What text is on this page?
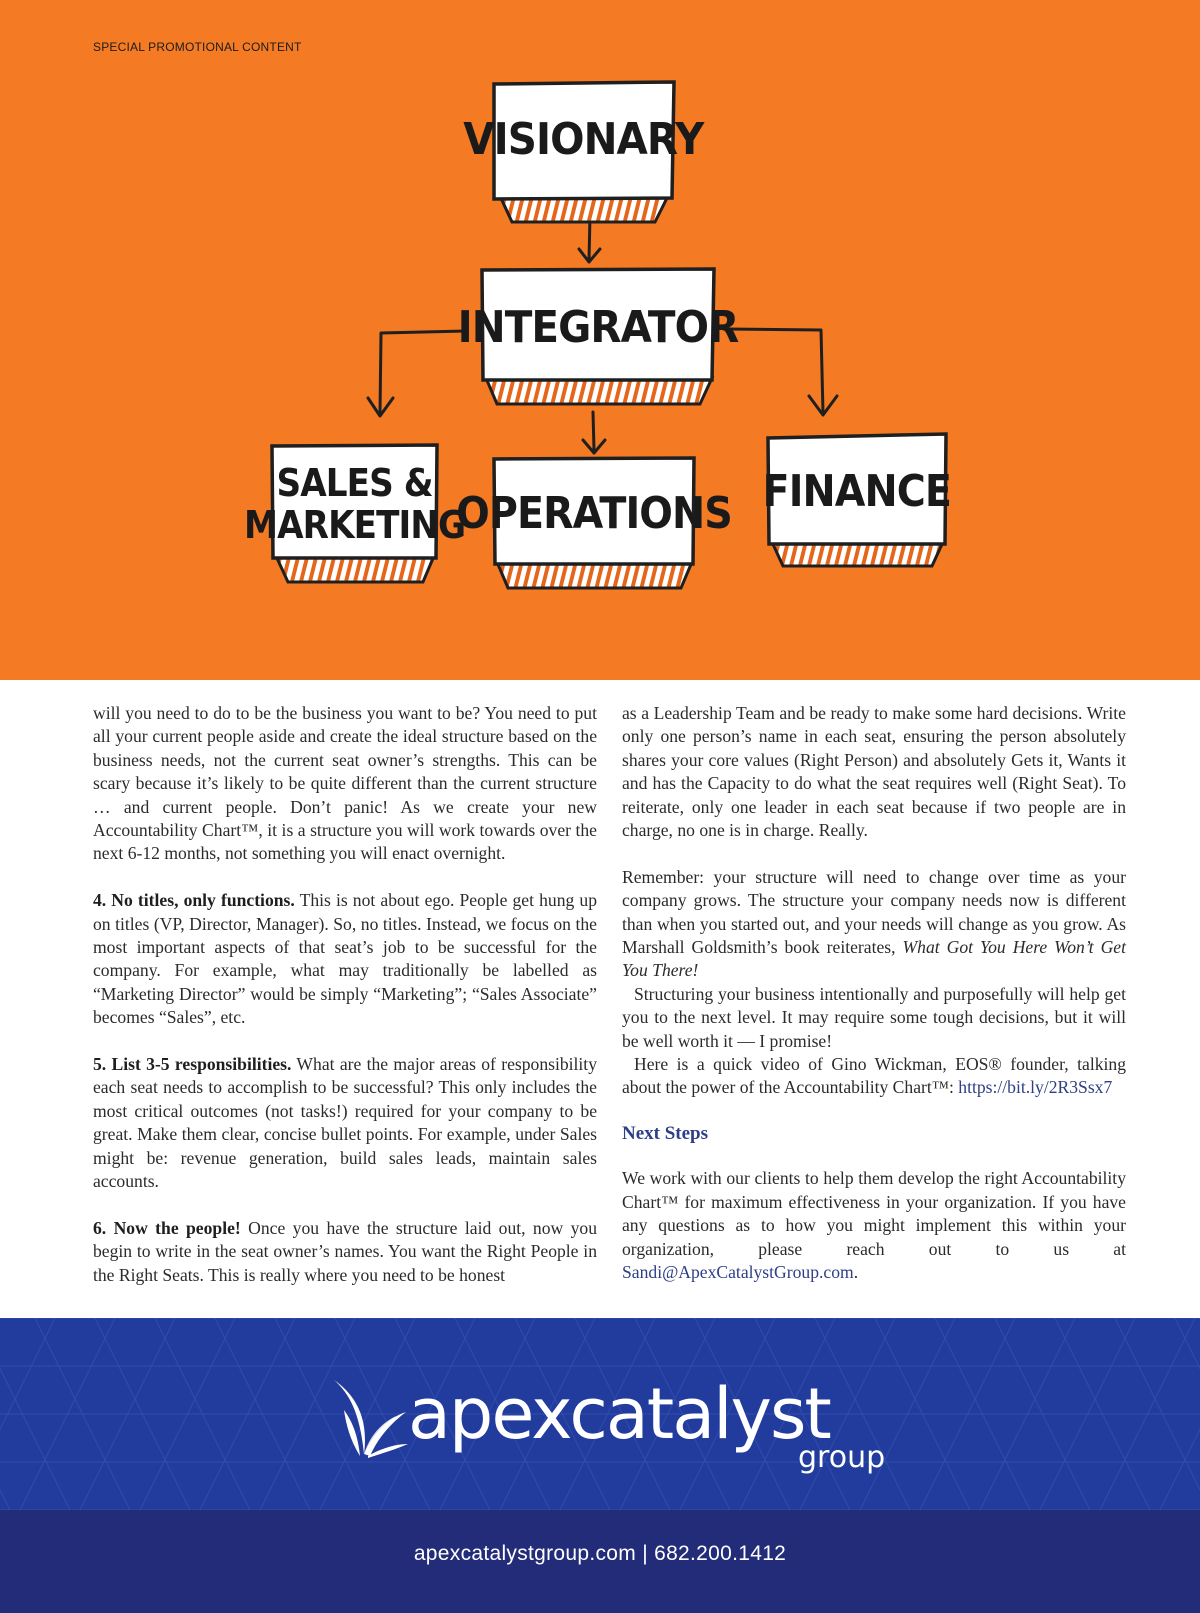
SPECIAL PROMOTIONAL CONTENT
VISIONARY
INTEGRATOR
SALES &
MARKETING
OPERATIONS FINANCE

will you need to do to be the business you want to be? You need to put all your current people aside and create the ideal structure based on the business needs, not the current seat owner’s strengths. This can be scary because it’s likely to be quite different than the current structure … and current people. Don’t panic! As we create your new Accountability Chart™, it is a structure you will work towards over the next 6-12 months, not something you will enact overnight.

4. No titles, only functions. This is not about ego. People get hung up on titles (VP, Director, Manager). So, no titles. Instead, we focus on the most important aspects of that seat’s job to be successful for the company. For example, what may traditionally be labelled as “Marketing Director” would be simply “Marketing”; “Sales Associate” becomes “Sales”, etc.

5. List 3-5 responsibilities. What are the major areas of responsibility each seat needs to accomplish to be successful? This only includes the most critical outcomes (not tasks!) required for your company to be great. Make them clear, concise bullet points. For example, under Sales might be: revenue generation, build sales leads, maintain sales accounts.

6. Now the people! Once you have the structure laid out, now you begin to write in the seat owner’s names. You want the Right People in the Right Seats. This is really where you need to be honest

as a Leadership Team and be ready to make some hard decisions. Write only one person’s name in each seat, ensuring the person absolutely shares your core values (Right Person) and absolutely Gets it, Wants it and has the Capacity to do what the seat requires well (Right Seat). To reiterate, only one leader in each seat because if two people are in charge, no one is in charge. Really.

Remember: your structure will need to change over time as your company grows. The structure your company needs now is different than when you started out, and your needs will change as you grow. As Marshall Goldsmith’s book reiterates, What Got You Here Won’t Get You There!

Structuring your business intentionally and purposefully will help get you to the next level. It may require some tough decisions, but it will be well worth it — I promise!

Here is a quick video of Gino Wickman, EOS® founder, talking about the power of the Accountability Chart™: https://bit.ly/2R3Ssx7

Next Steps

We work with our clients to help them develop the right Accountability Chart™ for maximum effectiveness in your organization. If you have any questions as to how you might implement this within your organization, please reach out to us at Sandi@ApexCatalystGroup.com.

apexcatalyst
group
apexcatalystgroup.com | 682.200.1412
